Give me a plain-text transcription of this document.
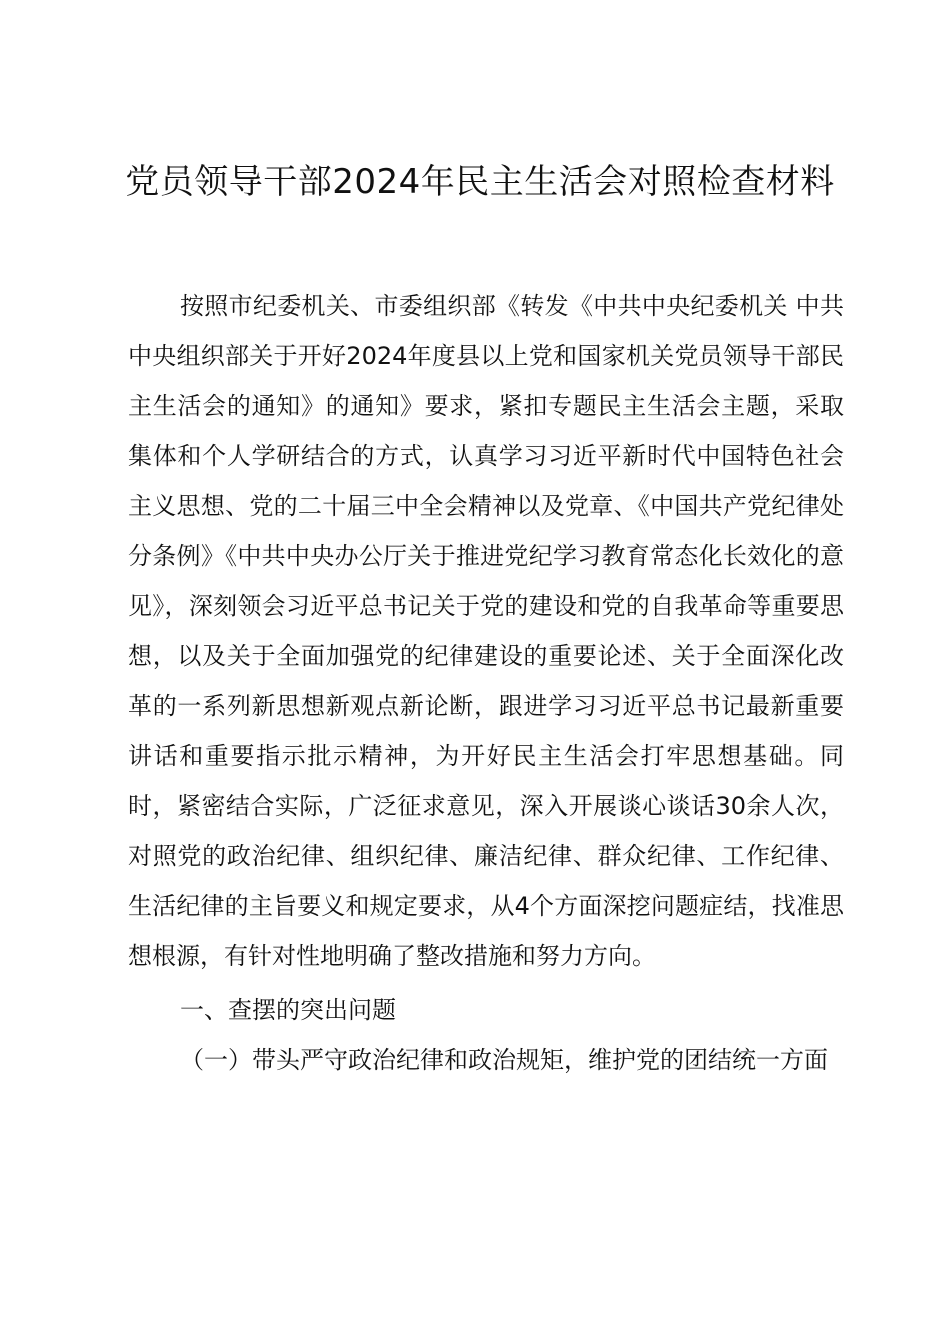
党员领导干部2024年民主生活会对照检查材料

按照市纪委机关、市委组织部《转发《中共中央纪委机关 中共中央组织部关于开好2024年度县以上党和国家机关党员领导干部民主生活会的通知》的通知》要求，紧扣专题民主生活会主题，采取集体和个人学研结合的方式，认真学习习近平新时代中国特色社会主义思想、党的二十届三中全会精神以及党章、《中国共产党纪律处分条例》《中共中央办公厅关于推进党纪学习教育常态化长效化的意见》，深刻领会习近平总书记关于党的建设和党的自我革命等重要思想，以及关于全面加强党的纪律建设的重要论述、关于全面深化改革的一系列新思想新观点新论断，跟进学习习近平总书记最新重要讲话和重要指示批示精神，为开好民主生活会打牢思想基础。同时，紧密结合实际，广泛征求意见，深入开展谈心谈话30余人次，对照党的政治纪律、组织纪律、廉洁纪律、群众纪律、工作纪律、生活纪律的主旨要义和规定要求，从4个方面深挖问题症结，找准思想根源，有针对性地明确了整改措施和努力方向。

一、查摆的突出问题

（一）带头严守政治纪律和政治规矩，维护党的团结统一方面
